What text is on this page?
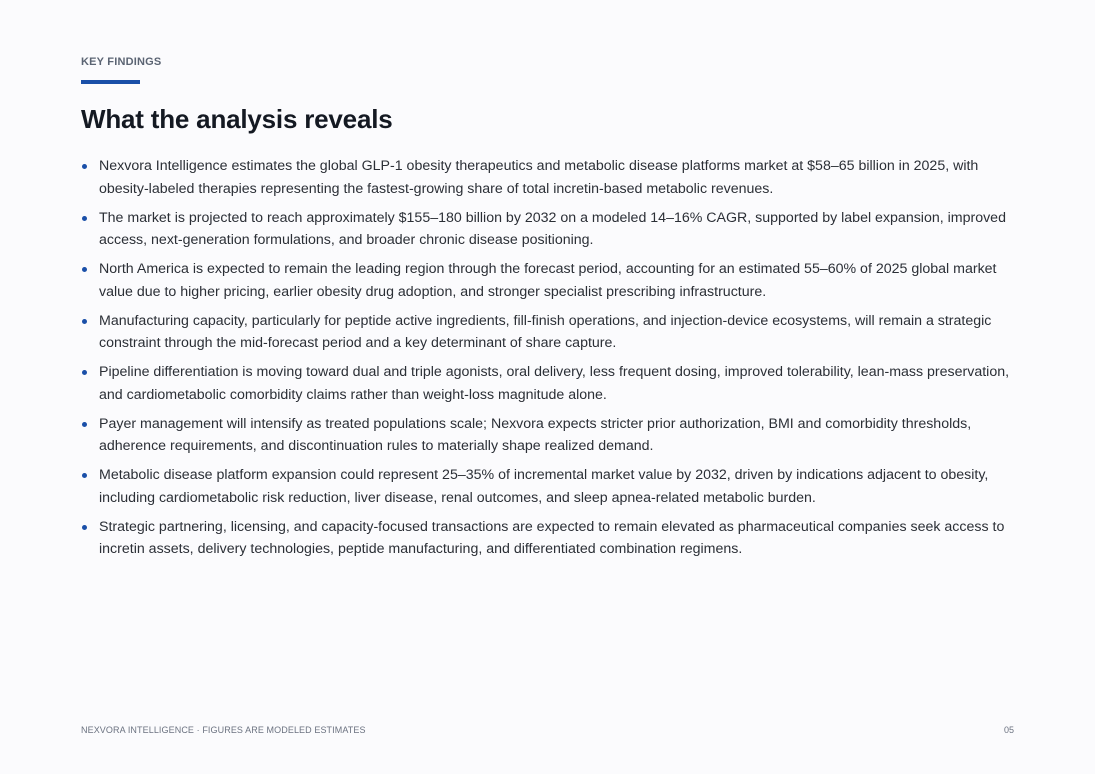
KEY FINDINGS
What the analysis reveals
Nexvora Intelligence estimates the global GLP-1 obesity therapeutics and metabolic disease platforms market at $58–65 billion in 2025, with obesity-labeled therapies representing the fastest-growing share of total incretin-based metabolic revenues.
The market is projected to reach approximately $155–180 billion by 2032 on a modeled 14–16% CAGR, supported by label expansion, improved access, next-generation formulations, and broader chronic disease positioning.
North America is expected to remain the leading region through the forecast period, accounting for an estimated 55–60% of 2025 global market value due to higher pricing, earlier obesity drug adoption, and stronger specialist prescribing infrastructure.
Manufacturing capacity, particularly for peptide active ingredients, fill-finish operations, and injection-device ecosystems, will remain a strategic constraint through the mid-forecast period and a key determinant of share capture.
Pipeline differentiation is moving toward dual and triple agonists, oral delivery, less frequent dosing, improved tolerability, lean-mass preservation, and cardiometabolic comorbidity claims rather than weight-loss magnitude alone.
Payer management will intensify as treated populations scale; Nexvora expects stricter prior authorization, BMI and comorbidity thresholds, adherence requirements, and discontinuation rules to materially shape realized demand.
Metabolic disease platform expansion could represent 25–35% of incremental market value by 2032, driven by indications adjacent to obesity, including cardiometabolic risk reduction, liver disease, renal outcomes, and sleep apnea-related metabolic burden.
Strategic partnering, licensing, and capacity-focused transactions are expected to remain elevated as pharmaceutical companies seek access to incretin assets, delivery technologies, peptide manufacturing, and differentiated combination regimens.
NEXVORA INTELLIGENCE · FIGURES ARE MODELED ESTIMATES	05
